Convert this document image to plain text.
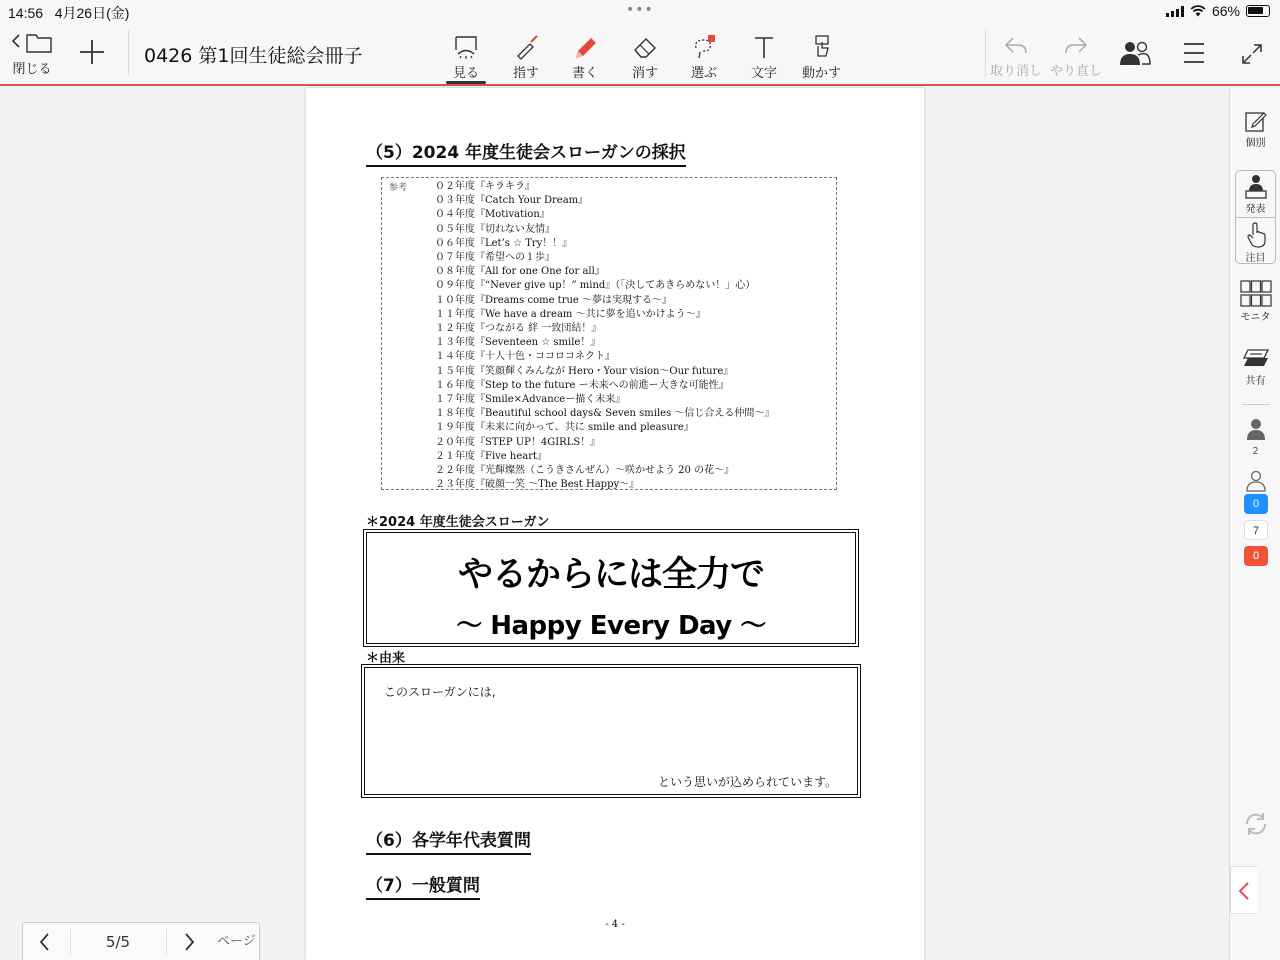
14:56 4月26日(金)	•••	66%
閉じる
0426 第1回生徒総会冊子
見る	指す	書く	消す	選ぶ	文字 動かす	取り消し やり直し
（5）2024 年度生徒会スローガンの採択
参考	０２年度『キラキラ』
０３年度『Catch Your Dream』
０４年度『Motivation』
０５年度『切れない友情』
０６年度『Let’s ☆ Try！！』
０７年度『希望への１歩』
０８年度『All for one One for all』
０９年度『“Never give up！” mind』（「決してあきらめない！」心）
１０年度『Dreams come true ～夢は実現する～』
１１年度『We have a dream ～共に夢を追いかけよう～』
１２年度『つながる 絆 一致団結！』
１３年度『Seventeen ☆ smile！』
１４年度『十人十色・ココロコネクト』
１５年度『笑顔輝くみんなが Hero・Your vision～Our future』
１６年度『Step to the future ー未来への前進ー大きな可能性』
１７年度『Smile×Advanceー描く未来』
１８年度『Beautiful school days& Seven smiles ～信じ合える仲間～』
１９年度『未来に向かって、共に smile and pleasure』
２０年度『STEP UP！4GIRLS！』
２１年度『Five heart』
２２年度『光輝燦然（こうきさんぜん）～咲かせよう 20 の花～』
２３年度『破顔一笑 ～The Best Happy～』
＊2024 年度生徒会スローガン
やるからには全力で
～ Happy Every Day ～
＊由来
このスローガンには,
という思いが込められています。
（6）各学年代表質問
（7）一般質問
- 4 -
個別
発表
注目
モニタ
共有
2
0
7
0
5/5	ページ
